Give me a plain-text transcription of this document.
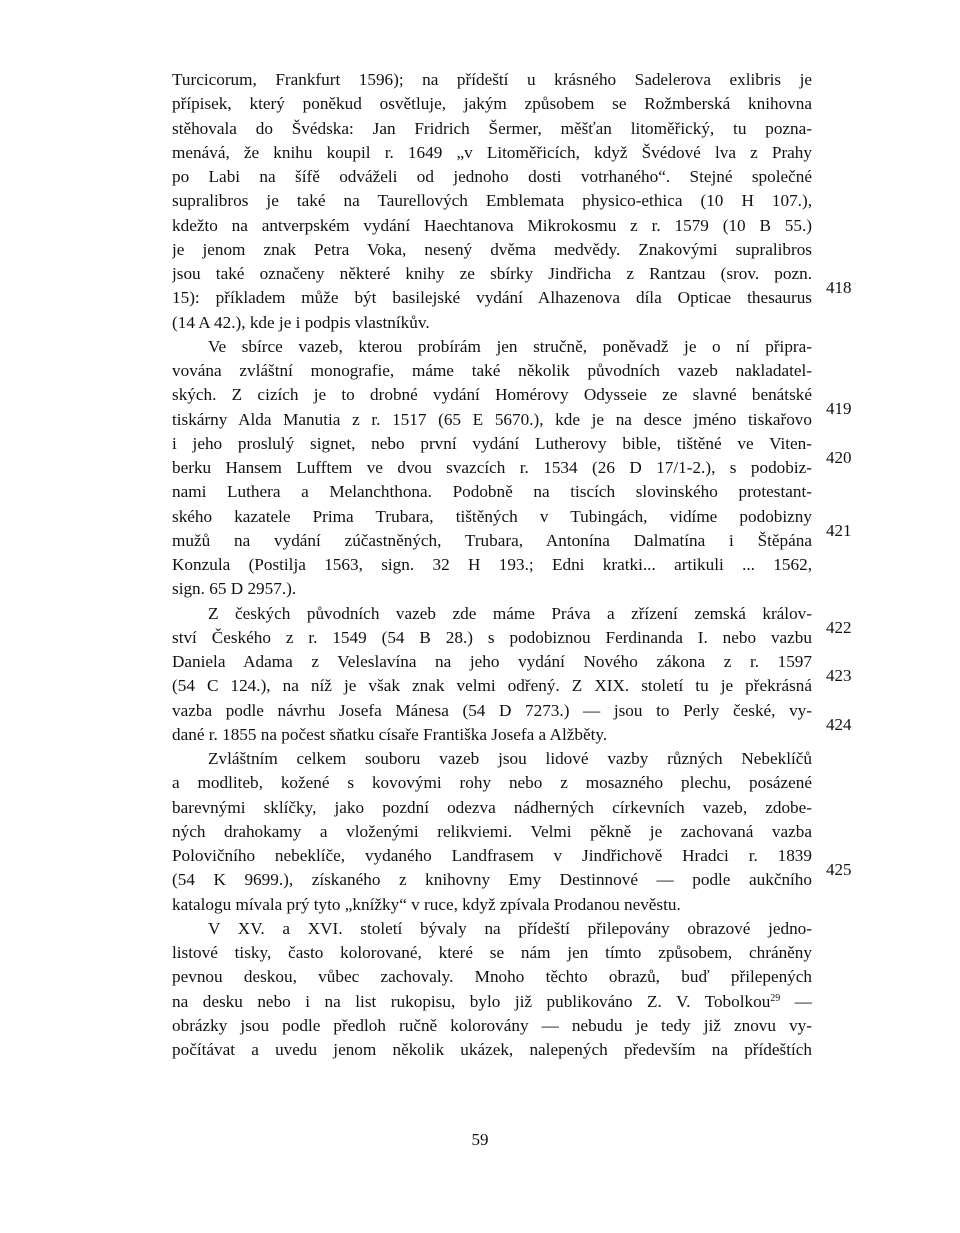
Turcicorum, Frankfurt 1596); na přídeští u krásného Sadelerova exlibris je
přípisek, který poněkud osvětluje, jakým způsobem se Rožmberská knihovna
stěhovala do Švédska: Jan Fridrich Šermer, měšťan litoměřický, tu pozna-
menává, že knihu koupil r. 1649 „v Litoměřicích, když Švédové lva z Prahy
po Labi na šífě odváželi od jednoho dosti votrhaného“. Stejné společné
supralibros je také na Taurellových Emblemata physico-ethica (10 H 107.),
kdežto na antverpském vydání Haechtanova Mikrokosmu z r. 1579 (10 B 55.)
je jenom znak Petra Voka, nesený dvěma medvědy. Znakovými supralibros
jsou také označeny některé knihy ze sbírky Jindřicha z Rantzau (srov. pozn.
15): příkladem může být basilejské vydání Alhazenova díla Opticae thesaurus
(14 A 42.), kde je i podpis vlastníkův.
Ve sbírce vazeb, kterou probírám jen stručně, poněvadž je o ní připra-
vována zvláštní monografie, máme také několik původních vazeb nakladatel-
ských. Z cizích je to drobné vydání Homérovy Odysseie ze slavné benátské
tiskárny Alda Manutia z r. 1517 (65 E 5670.), kde je na desce jméno tiskařovo
i jeho proslulý signet, nebo první vydání Lutherovy bible, tištěné ve Viten-
berku Hansem Lufftem ve dvou svazcích r. 1534 (26 D 17/1-2.), s podobiz-
nami Luthera a Melanchthona. Podobně na tiscích slovinského protestant-
ského kazatele Prima Trubara, tištěných v Tubingách, vidíme podobizny
mužů na vydání zúčastněných, Trubara, Antonína Dalmatína i Štěpána
Konzula (Postilja 1563, sign. 32 H 193.; Edni kratki... artikuli ... 1562,
sign. 65 D 2957.).
Z českých původních vazeb zde máme Práva a zřízení zemská králov-
ství Českého z r. 1549 (54 B 28.) s podobiznou Ferdinanda I. nebo vazbu
Daniela Adama z Veleslavína na jeho vydání Nového zákona z r. 1597
(54 C 124.), na níž je však znak velmi odřený. Z XIX. století tu je překrásná
vazba podle návrhu Josefa Mánesa (54 D 7273.) — jsou to Perly české, vy-
dané r. 1855 na počest sňatku císaře Františka Josefa a Alžběty.
Zvláštním celkem souboru vazeb jsou lidové vazby různých Nebeklíčů
a modliteb, kožené s kovovými rohy nebo z mosazného plechu, posázené
barevnými sklíčky, jako pozdní odezva nádherných církevních vazeb, zdobe-
ných drahokamy a vloženými relikviemi. Velmi pěkně je zachovaná vazba
Polovičního nebeklíče, vydaného Landfrasem v Jindřichově Hradci r. 1839
(54 K 9699.), získaného z knihovny Emy Destinnové — podle aukčního
katalogu mívala prý tyto „knížky“ v ruce, když zpívala Prodanou nevěstu.
V XV. a XVI. století bývaly na přídeští přilepovány obrazové jedno-
listové tisky, často kolorované, které se nám jen tímto způsobem, chráněny
pevnou deskou, vůbec zachovaly. Mnoho těchto obrazů, buď přilepených
na desku nebo i na list rukopisu, bylo již publikováno Z. V. Tobolkou$^{29}$ —
obrázky jsou podle předloh ručně kolorovány — nebudu je tedy již znovu vy-
počítávat a uvedu jenom několik ukázek, nalepených především na přídeštích
418
419
420
421
422
423
424
425
59
